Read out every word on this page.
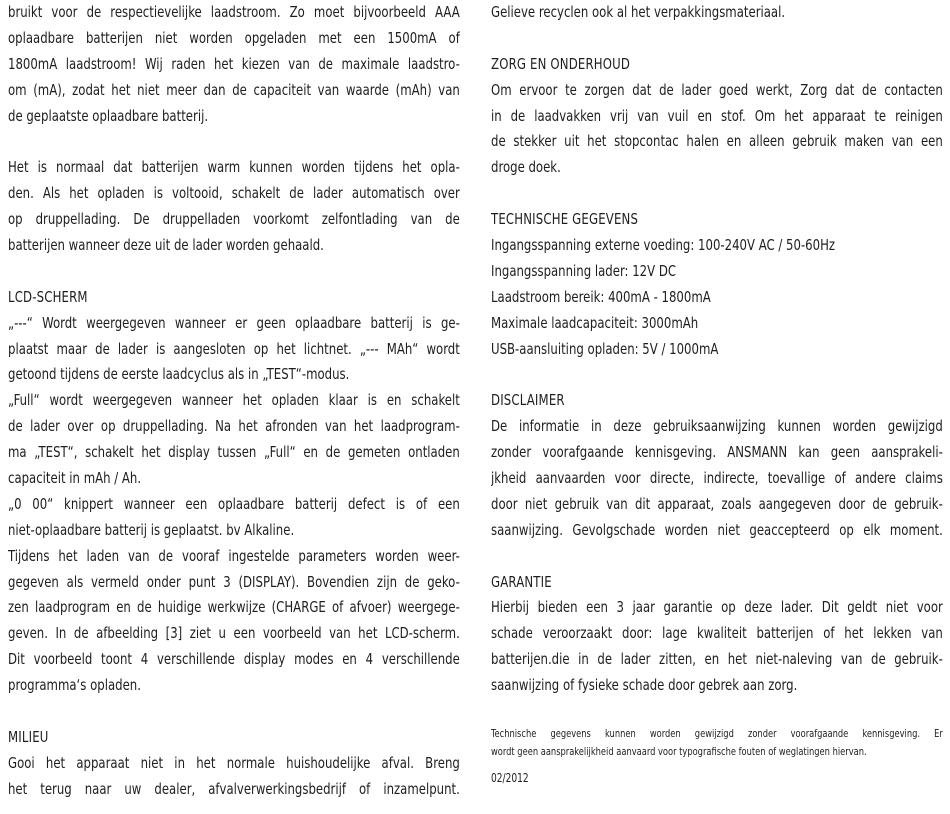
bruikt voor de respectievelijke laadstroom. Zo moet bijvoorbeeld AAA
oplaadbare batterijen niet worden opgeladen met een 1500mA of
1800mA laadstroom! Wij raden het kiezen van de maximale laadstro-
om (mA), zodat het niet meer dan de capaciteit van waarde (mAh) van
de geplaatste oplaadbare batterij.
Het is normaal dat batterijen warm kunnen worden tijdens het opla-
den. Als het opladen is voltooid, schakelt de lader automatisch over
op druppellading. De druppelladen voorkomt zelfontlading van de
batterijen wanneer deze uit de lader worden gehaald.
LCD-SCHERM
„---“ Wordt weergegeven wanneer er geen oplaadbare batterij is ge-
plaatst maar de lader is aangesloten op het lichtnet. „--- MAh“ wordt
getoond tijdens de eerste laadcyclus als in „TEST“-modus.
„Full“ wordt weergegeven wanneer het opladen klaar is en schakelt
de lader over op druppellading. Na het afronden van het laadprogram-
ma „TEST“, schakelt het display tussen „Full“ en de gemeten ontladen
capaciteit in mAh / Ah.
„0 00“ knippert wanneer een oplaadbare batterij defect is of een
niet-oplaadbare batterij is geplaatst. bv Alkaline.
Tijdens het laden van de vooraf ingestelde parameters worden weer-
gegeven als vermeld onder punt 3 (DISPLAY). Bovendien zijn de geko-
zen laadprogram en de huidige werkwijze (CHARGE of afvoer) weergege-
geven. In de afbeelding [3] ziet u een voorbeeld van het LCD-scherm.
Dit voorbeeld toont 4 verschillende display modes en 4 verschillende
programma‘s opladen.
MILIEU
Gooi het apparaat niet in het normale huishoudelijke afval. Breng
het terug naar uw dealer, afvalverwerkingsbedrijf of inzamelpunt.
Gelieve recyclen ook al het verpakkingsmateriaal.
ZORG EN ONDERHOUD
Om ervoor te zorgen dat de lader goed werkt, Zorg dat de contacten
in de laadvakken vrij van vuil en stof. Om het apparaat te reinigen
de stekker uit het stopcontac halen en alleen gebruik maken van een
droge doek.
TECHNISCHE GEGEVENS
Ingangsspanning externe voeding: 100-240V AC / 50-60Hz
Ingangsspanning lader: 12V DC
Laadstroom bereik: 400mA - 1800mA
Maximale laadcapaciteit: 3000mAh
USB-aansluiting opladen: 5V / 1000mA
DISCLAIMER
De informatie in deze gebruiksaanwijzing kunnen worden gewijzigd
zonder voorafgaande kennisgeving. ANSMANN kan geen aansprakeli-
jkheid aanvaarden voor directe, indirecte, toevallige of andere claims
door niet gebruik van dit apparaat, zoals aangegeven door de gebruik-
saanwijzing. Gevolgschade worden niet geaccepteerd op elk moment.
GARANTIE
Hierbij bieden een 3 jaar garantie op deze lader. Dit geldt niet voor
schade veroorzaakt door: lage kwaliteit batterijen of het lekken van
batterijen.die in de lader zitten, en het niet-naleving van de gebruik-
saanwijzing of fysieke schade door gebrek aan zorg.
Technische gegevens kunnen worden gewijzigd zonder voorafgaande kennisgeving. Er
wordt geen aansprakelijkheid aanvaard voor typografische fouten of weglatingen hiervan.
02/2012
